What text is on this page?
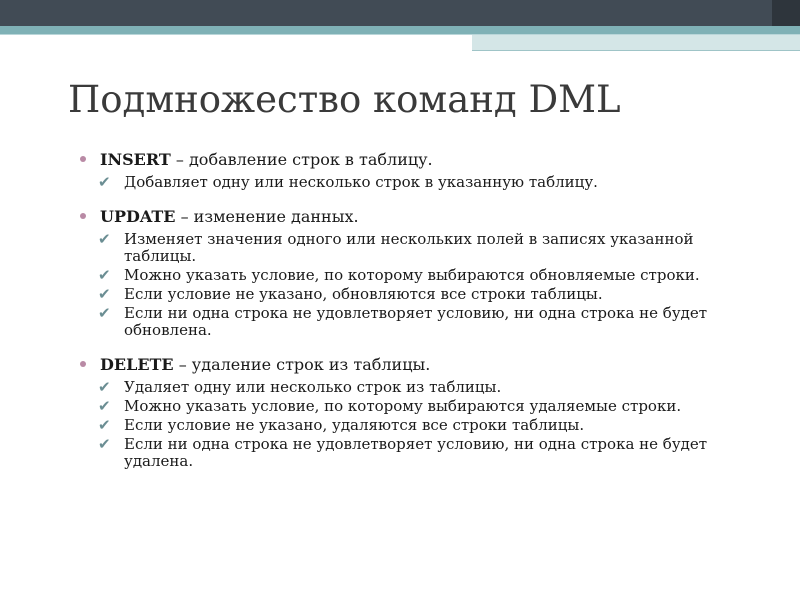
Подмножество команд DML
INSERT – добавление строк в таблицу.
✔ Добавляет одну или несколько строк в указанную таблицу.
UPDATE – изменение данных.
✔ Изменяет значения одного или нескольких полей в записях указанной таблицы.
✔ Можно указать условие, по которому выбираются обновляемые строки.
✔ Если условие не указано, обновляются все строки таблицы.
✔ Если ни одна строка не удовлетворяет условию, ни одна строка не будет обновлена.
DELETE – удаление строк из таблицы.
✔ Удаляет одну или несколько строк из таблицы.
✔ Можно указать условие, по которому выбираются удаляемые строки.
✔ Если условие не указано, удаляются все строки таблицы.
✔ Если ни одна строка не удовлетворяет условию, ни одна строка не будет удалена.
